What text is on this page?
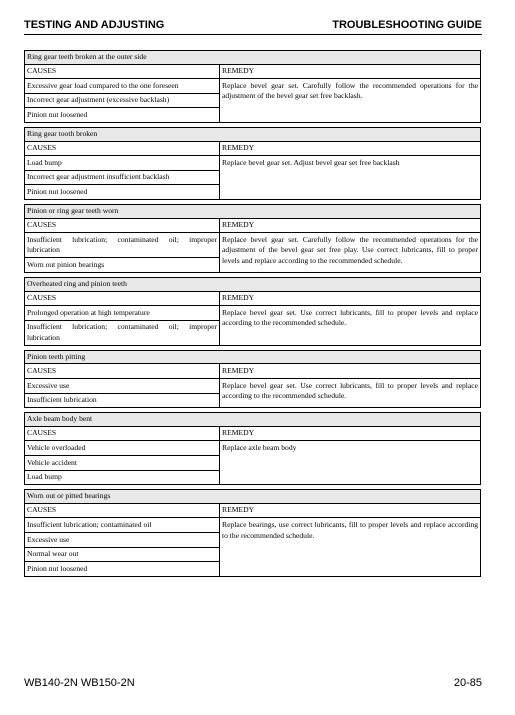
TESTING AND ADJUSTING	TROUBLESHOOTING GUIDE
Ring gear teeth broken at the outer side
CAUSES
Excessive gear load compared to the one foreseen
Incorrect gear adjustment (excessive backlash)
Pinion nut loosened
REMEDY
Replace bevel gear set. Carefully follow the recommended operations for the adjustment of the bevel gear set free backlash.
Ring gear tooth broken
CAUSES
Load bump
Incorrect gear adjustment insufficient backlash
Pinion nut loosened
REMEDY
Replace bevel gear set. Adjust bevel gear set free backlash
Pinion or ring gear teeth worn
CAUSES
Insufficient lubrication; contaminated oil; improper lubrication
Worn out pinion bearings
REMEDY
Replace bevel gear set. Carefully follow the recommended operations for the adjustment of the bevel gear set free play. Use correct lubricants, fill to proper levels and replace according to the recommended schedule.
Overheated ring and pinion teeth
CAUSES
Prolonged operation at high temperature
Insufficient lubrication; contaminated oil; improper lubrication
REMEDY
Replace bevel gear set. Use correct lubricants, fill to proper levels and replace according to the recommended schedule.
Pinion teeth pitting
CAUSES
Excessive use
Insufficient lubrication
REMEDY
Replace bevel gear set. Use correct lubricants, fill to proper levels and replace according to the recommended schedule.
Axle beam body bent
CAUSES
Vehicle overloaded
Vehicle accident
Load bump
REMEDY
Replace axle beam body
Worn out or pitted bearings
CAUSES
Insufficient lubrication; contaminated oil
Excessive use
Normal wear out
Pinion nut loosened
REMEDY
Replace bearings, use correct lubricants, fill to proper levels and replace according to the recommended schedule.
WB140-2N WB150-2N	20-85
